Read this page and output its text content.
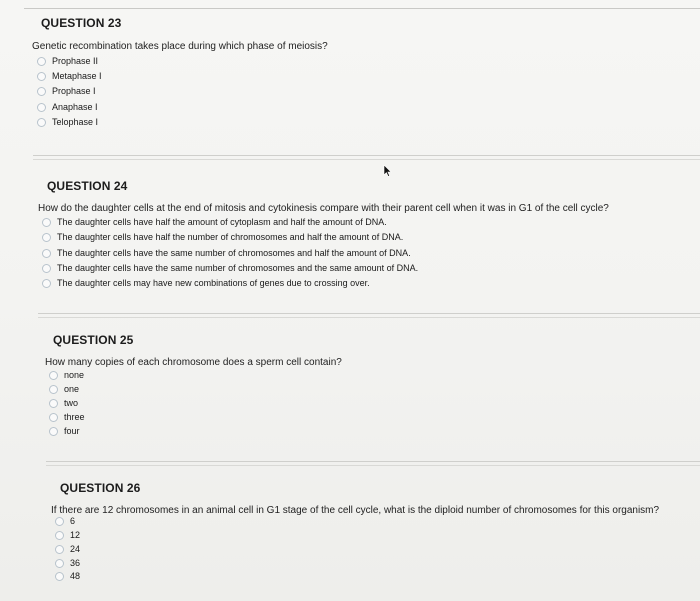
QUESTION 23
Genetic recombination takes place during which phase of meiosis?
Prophase II
Metaphase I
Prophase I
Anaphase I
Telophase I
QUESTION 24
How do the daughter cells at the end of mitosis and cytokinesis compare with their parent cell when it was in G1 of the cell cycle?
The daughter cells have half the amount of cytoplasm and half the amount of DNA.
The daughter cells have half the number of chromosomes and half the amount of DNA.
The daughter cells have the same number of chromosomes and half the amount of DNA.
The daughter cells have the same number of chromosomes and the same amount of DNA.
The daughter cells may have new combinations of genes due to crossing over.
QUESTION 25
How many copies of each chromosome does a sperm cell contain?
none
one
two
three
four
QUESTION 26
If there are 12 chromosomes in an animal cell in G1 stage of the cell cycle, what is the diploid number of chromosomes for this organism?
6
12
24
36
48
